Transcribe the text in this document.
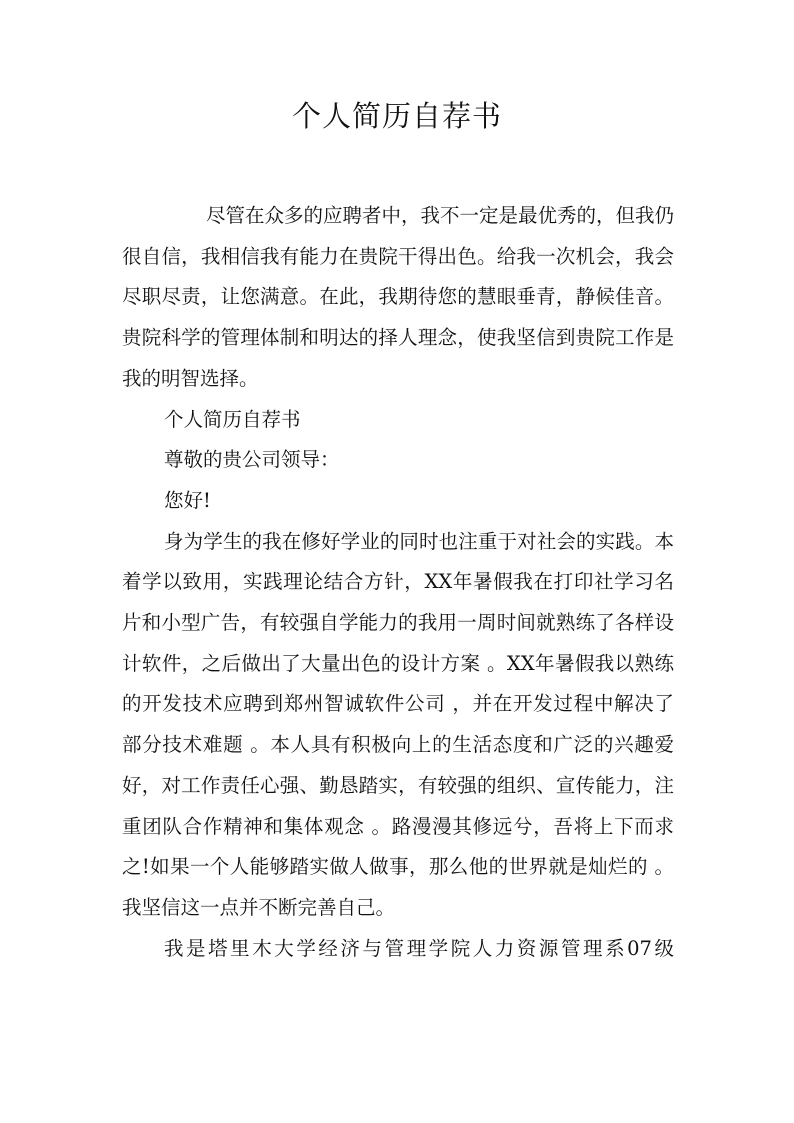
个人简历自荐书

尽管在众多的应聘者中，我不一定是最优秀的，但我仍很自信，我相信我有能力在贵院干得出色。给我一次机会，我会尽职尽责，让您满意。在此，我期待您的慧眼垂青，静候佳音。贵院科学的管理体制和明达的择人理念，使我坚信到贵院工作是我的明智选择。

个人简历自荐书

尊敬的贵公司领导：

您好!

身为学生的我在修好学业的同时也注重于对社会的实践。本着学以致用，实践理论结合方针，XX年暑假我在打印社学习名片和小型广告，有较强自学能力的我用一周时间就熟练了各样设计软件，之后做出了大量出色的设计方案 。XX年暑假我以熟练的开发技术应聘到郑州智诚软件公司 ，并在开发过程中解决了部分技术难题 。本人具有积极向上的生活态度和广泛的兴趣爱好，对工作责任心强、勤恳踏实，有较强的组织、宣传能力，注重团队合作精神和集体观念 。路漫漫其修远兮，吾将上下而求之!如果一个人能够踏实做人做事，那么他的世界就是灿烂的 。我坚信这一点并不断完善自己。

我是塔里木大学经济与管理学院人力资源管理系07级
